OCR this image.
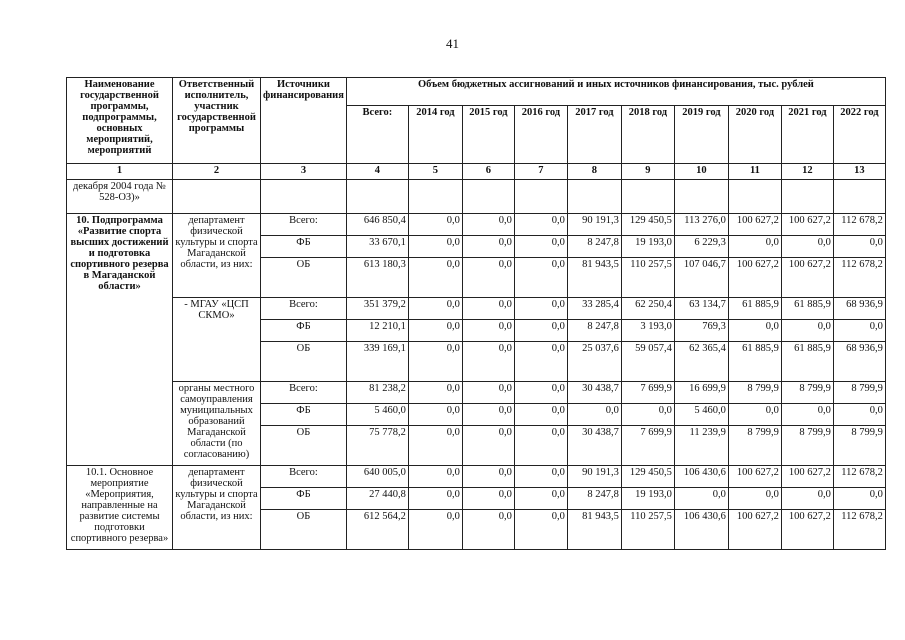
41
Наименование государственной программы, подпрограммы, основных мероприятий, мероприятий	Ответственный исполнитель, участник государственной программы	Источники финансирования	Объем бюджетных ассигнований и иных источников финансирования, тыс. рублей									
			Всего:	2014 год	2015 год	2016 год	2017 год	2018 год	2019 год	2020 год	2021 год	2022 год
1	2	3	4	5	6	7	8	9	10	11	12	13
декабря 2004 года № 528-ОЗ)»												
10. Подпрограмма «Развитие спорта высших достижений и подготовка спортивного резерва в Магаданской области»	департамент физической культуры и спорта Магаданской области, из них:	Всего:	646 850,4	0,0	0,0	0,0	90 191,3	129 450,5	113 276,0	100 627,2	100 627,2	112 678,2
		ФБ	33 670,1	0,0	0,0	0,0	8 247,8	19 193,0	6 229,3	0,0	0,0	0,0
		ОБ	613 180,3	0,0	0,0	0,0	81 943,5	110 257,5	107 046,7	100 627,2	100 627,2	112 678,2
	- МГАУ «ЦСП СКМО»	Всего:	351 379,2	0,0	0,0	0,0	33 285,4	62 250,4	63 134,7	61 885,9	61 885,9	68 936,9
		ФБ	12 210,1	0,0	0,0	0,0	8 247,8	3 193,0	769,3	0,0	0,0	0,0
		ОБ	339 169,1	0,0	0,0	0,0	25 037,6	59 057,4	62 365,4	61 885,9	61 885,9	68 936,9
	органы местного самоуправления муниципальных образований Магаданской области (по согласованию)	Всего:	81 238,2	0,0	0,0	0,0	30 438,7	7 699,9	16 699,9	8 799,9	8 799,9	8 799,9
		ФБ	5 460,0	0,0	0,0	0,0	0,0	0,0	5 460,0	0,0	0,0	0,0
		ОБ	75 778,2	0,0	0,0	0,0	30 438,7	7 699,9	11 239,9	8 799,9	8 799,9	8 799,9
10.1. Основное мероприятие «Мероприятия, направленные на развитие системы подготовки спортивного резерва»	департамент физической культуры и спорта Магаданской области, из них:	Всего:	640 005,0	0,0	0,0	0,0	90 191,3	129 450,5	106 430,6	100 627,2	100 627,2	112 678,2
		ФБ	27 440,8	0,0	0,0	0,0	8 247,8	19 193,0	0,0	0,0	0,0	0,0
		ОБ	612 564,2	0,0	0,0	0,0	81 943,5	110 257,5	106 430,6	100 627,2	100 627,2	112 678,2
